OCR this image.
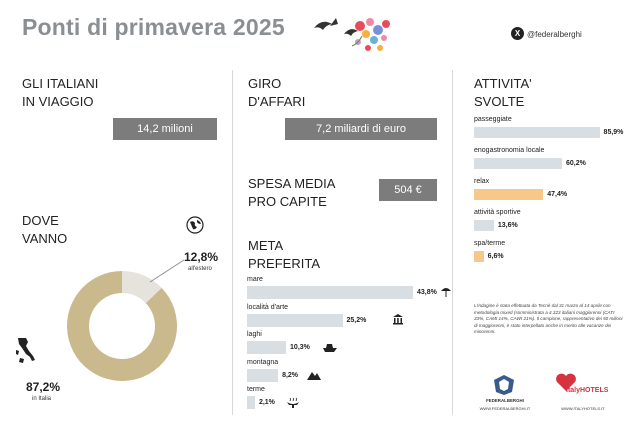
Ponti di primavera 2025	X @federalberghi
GLI ITALIANI
IN VIAGGIO
14,2 milioni
DOVE
VANNO
12,8%
all'estero
87,2%
in Italia
GIRO
D'AFFARI
7,2 miliardi di euro
SPESA MEDIA
PRO CAPITE
504 €
META
PREFERITA
mare
43,8%
località d'arte
25,2%
laghi
10,3%
montagna
8,2%
terme
2,1%
ATTIVITA'
SVOLTE
passeggiate
85,9%
enogastronomia locale
60,2%
relax
47,4%
attività sportive
13,6%
spa/terme
6,6%
L'indagine è stata effettuata da Tecnè dal 31 marzo al 14 aprile con metodologia mixed (somministrata a 4.323 italiani maggiorenni (CATI 33%, CAMI 14%, CAWI 21%). Il campione, rappresentativo dei 50 milioni di maggiorenni, è stato interpellato anche in merito alle vacanze dei minorenni.
FEDERALBERGHI
WWW.FEDERALBERGHI.IT
ItalyHOTELS
WWW.ITALYHOTELS.IT
